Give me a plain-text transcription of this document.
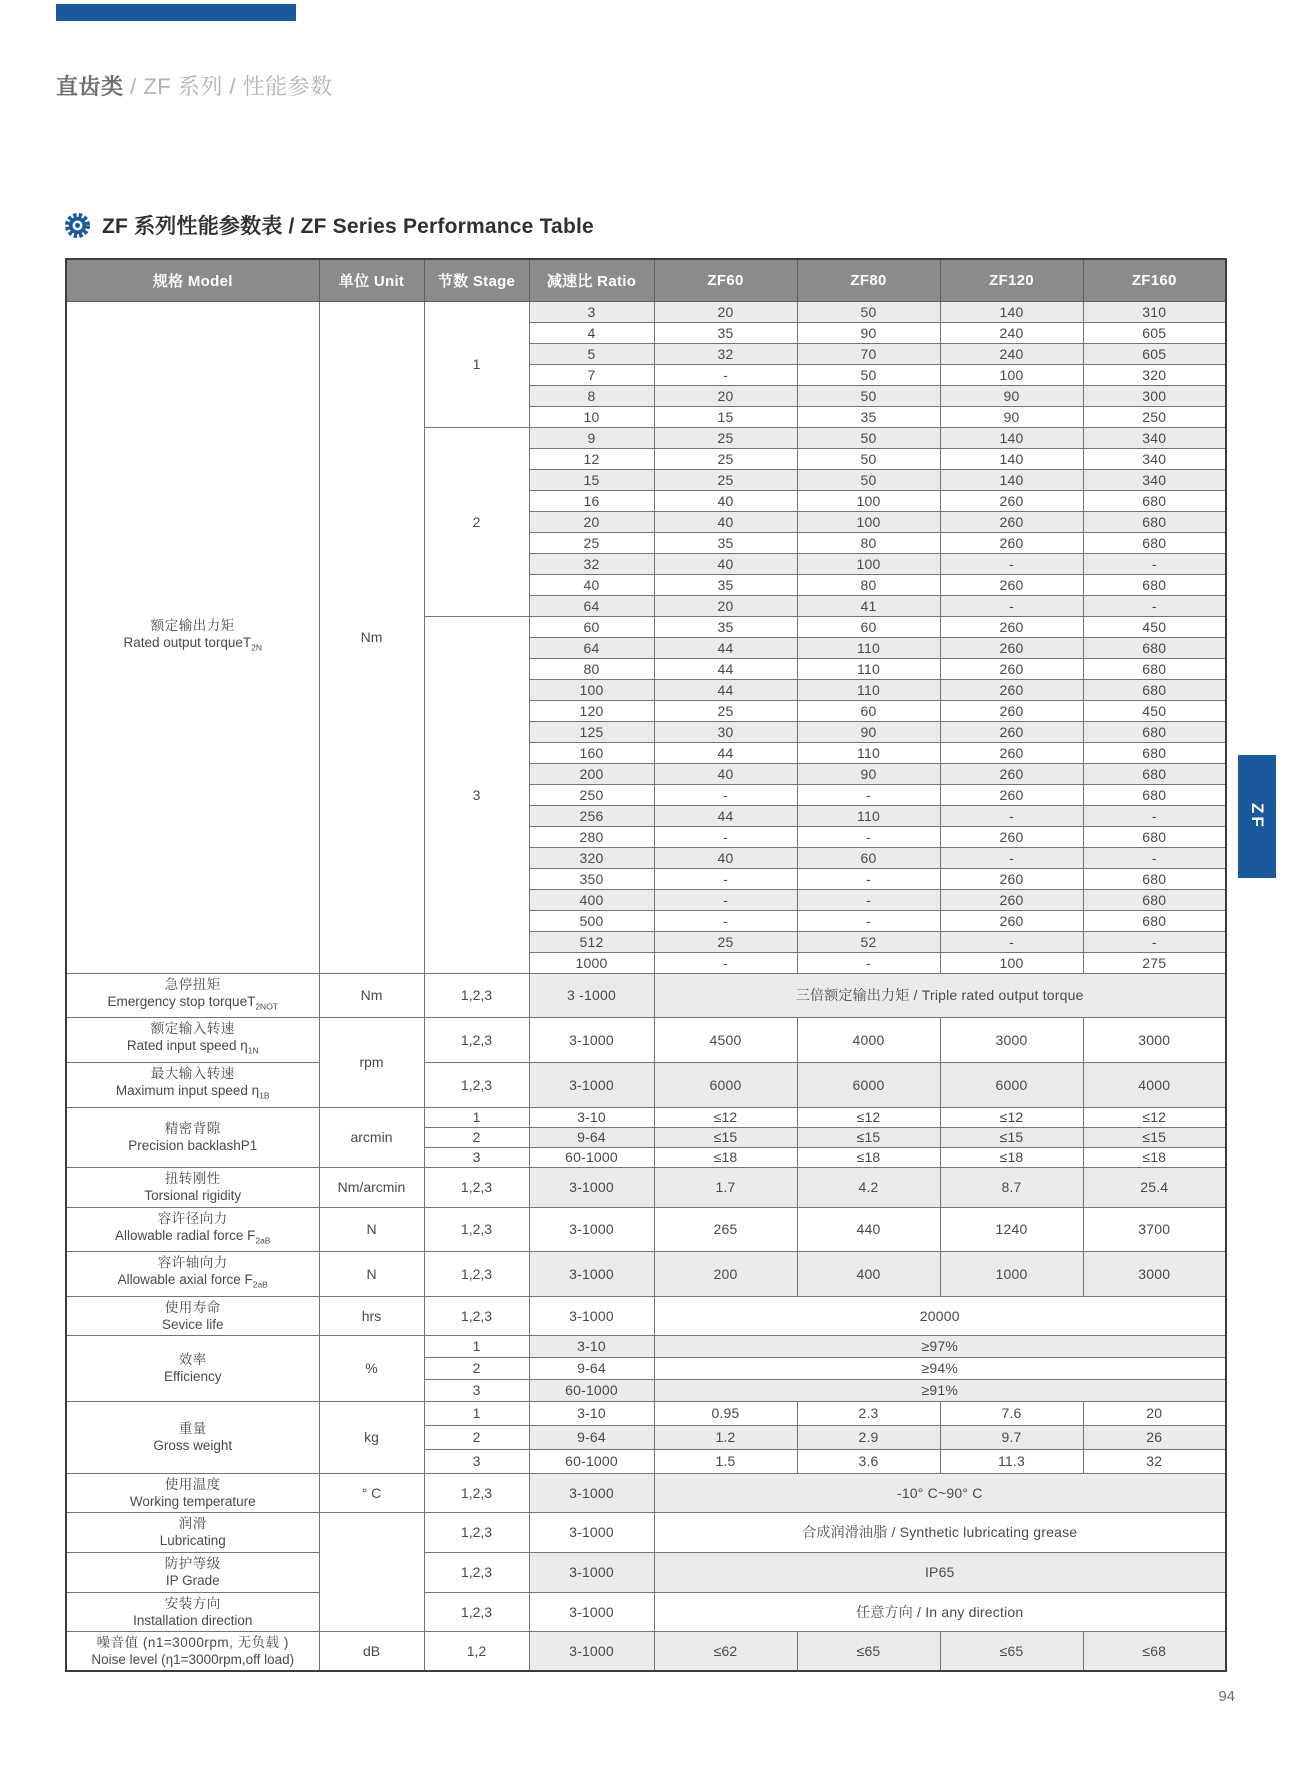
直齿类 / ZF 系列 / 性能参数
ZF 系列性能参数表 / ZF Series Performance Table
规格 Model	单位 Unit	节数 Stage	减速比 Ratio	ZF60	ZF80	ZF120	ZF160

额定输出力矩
Rated output torqueT$_{2N}$	Nm	1	3	20	50	140	310
			4	35	90	240	605
			5	32	70	240	605
			7	-	50	100	320
			8	20	50	90	300
			10	15	35	90	250
		2	9	25	50	140	340
			12	25	50	140	340
			15	25	50	140	340
			16	40	100	260	680
			20	40	100	260	680
			25	35	80	260	680
			32	40	100	-	-
			40	35	80	260	680
			64	20	41	-	-
		3	60	35	60	260	450
			64	44	110	260	680
			80	44	110	260	680
			100	44	110	260	680
			120	25	60	260	450
			125	30	90	260	680
			160	44	110	260	680
			200	40	90	260	680
			250	-	-	260	680
			256	44	110	-	-
			280	-	-	260	680
			320	40	60	-	-
			350	-	-	260	680
			400	-	-	260	680
			500	-	-	260	680
			512	25	52	-	-
			1000	-	-	100	275

急停扭矩
Emergency stop torqueT$_{2NOT}$	Nm	1,2,3	3 -1000	三倍额定输出力矩 / Triple rated output torque			

额定输入转速
Rated input speed $\eta_{1N}$	rpm	1,2,3	3-1000	4500	4000	3000	3000

最大输入转速
Maximum input speed $\eta_{1B}$		1,2,3	3-1000	6000	6000	6000	4000

精密背隙
Precision backlashP1	arcmin	1	3-10	≤12	≤12	≤12	≤12
		2	9-64	≤15	≤15	≤15	≤15
		3	60-1000	≤18	≤18	≤18	≤18

扭转刚性
Torsional rigidity	Nm/arcmin	1,2,3	3-1000	1.7	4.2	8.7	25.4

容许径向力
Allowable radial force $F_{2aB}$	N	1,2,3	3-1000	265	440	1240	3700

容许轴向力
Allowable axial force $F_{2aB}$	N	1,2,3	3-1000	200	400	1000	3000

使用寿命
Sevice life	hrs	1,2,3	3-1000	20000			

效率
Efficiency	%	1	3-10	≥97%			
		2	9-64	≥94%			
		3	60-1000	≥91%			

重量
Gross weight	kg	1	3-10	0.95	2.3	7.6	20
		2	9-64	1.2	2.9	9.7	26
		3	60-1000	1.5	3.6	11.3	32

使用温度
Working temperature	° C	1,2,3	3-1000	-10° C~90° C			

润滑
Lubricating		1,2,3	3-1000	合成润滑油脂 / Synthetic lubricating grease			

防护等级
IP Grade		1,2,3	3-1000	IP65			

安装方向
Installation direction		1,2,3	3-1000	任意方向 / In any direction			

噪音值 (n1=3000rpm, 无负载 )
Noise level (η1=3000rpm,off load)	dB	1,2	3-1000	≤62	≤65	≤65	≤68
ZF
94
